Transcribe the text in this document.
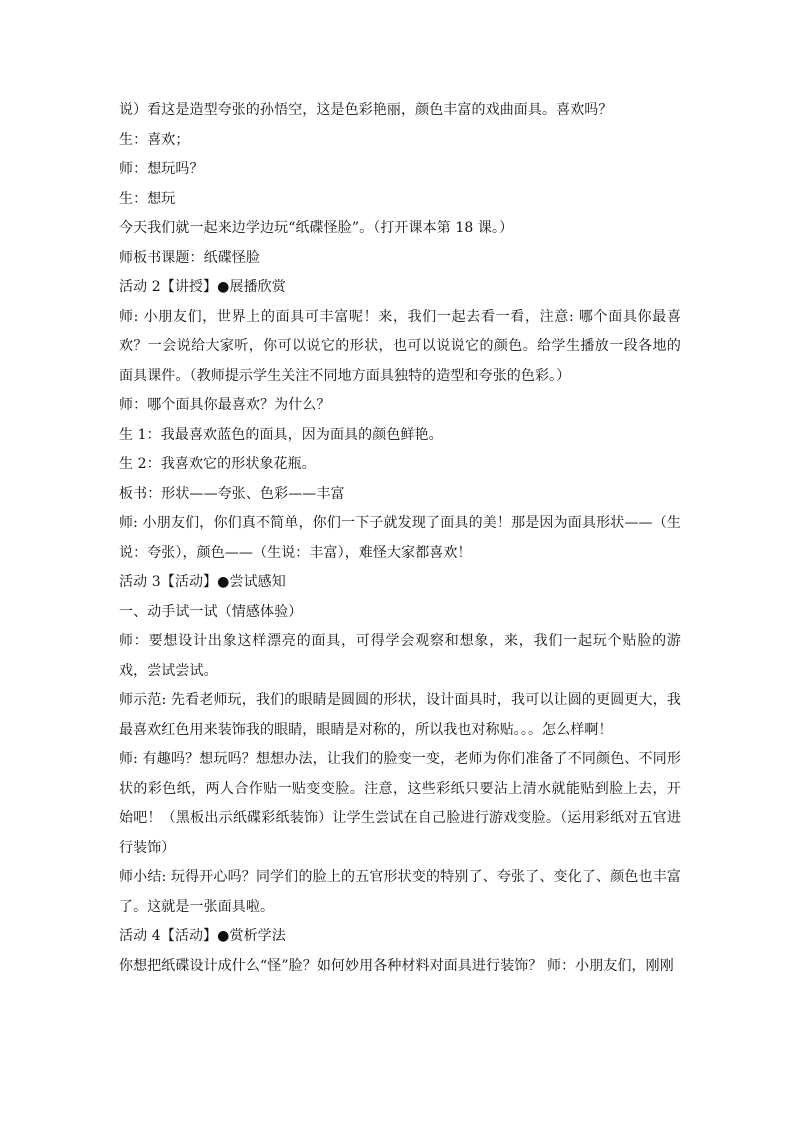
说）看这是造型夸张的孙悟空，这是色彩艳丽，颜色丰富的戏曲面具。喜欢吗？

生：喜欢；

师：想玩吗？

生：想玩

今天我们就一起来边学边玩“纸碟怪脸”。（打开课本第 18 课。）

师板书课题：纸碟怪脸

活动 2【讲授】●展播欣赏

师: 小朋友们，世界上的面具可丰富呢！来，我们一起去看一看，注意: 哪个面具你最喜欢？一会说给大家听，你可以说它的形状，也可以说说它的颜色。给学生播放一段各地的面具课件。（教师提示学生关注不同地方面具独特的造型和夸张的色彩。）

师：哪个面具你最喜欢？为什么？

生 1：我最喜欢蓝色的面具，因为面具的颜色鲜艳。

生 2：我喜欢它的形状象花瓶。

板书：形状——夸张、色彩——丰富

师: 小朋友们，你们真不简单，你们一下子就发现了面具的美！那是因为面具形状——（生说：夸张），颜色——（生说：丰富），难怪大家都喜欢！

活动 3【活动】●尝试感知

一、动手试一试（情感体验）

师：要想设计出象这样漂亮的面具，可得学会观察和想象，来，我们一起玩个贴脸的游戏，尝试尝试。

师示范: 先看老师玩，我们的眼睛是圆圆的形状，设计面具时，我可以让圆的更圆更大，我最喜欢红色用来装饰我的眼睛，眼睛是对称的，所以我也对称贴。。。怎么样啊！

师: 有趣吗？想玩吗？想想办法，让我们的脸变一变，老师为你们准备了不同颜色、不同形状的彩色纸，两人合作贴一贴变变脸。注意，这些彩纸只要沾上清水就能贴到脸上去，开始吧！（黑板出示纸碟彩纸装饰）让学生尝试在自己脸进行游戏变脸。（运用彩纸对五官进行装饰）

师小结: 玩得开心吗？同学们的脸上的五官形状变的特别了、夸张了、变化了、颜色也丰富了。这就是一张面具啦。

活动 4【活动】●赏析学法

你想把纸碟设计成什么“怪”脸？如何妙用各种材料对面具进行装饰？ 师：小朋友们，刚刚
